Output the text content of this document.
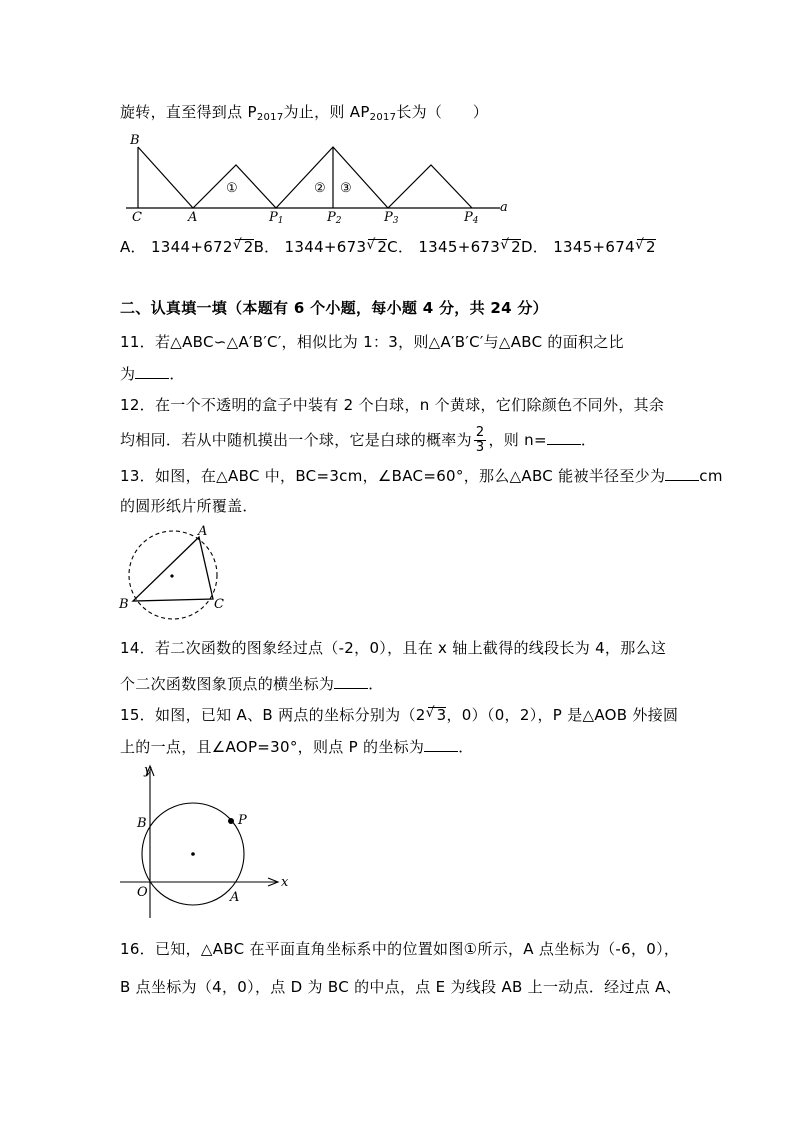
旋转，直至得到点 $P_{2017}$为止，则 $AP_{2017}$长为（　　）
B
C	A	P1	P2	P3	P4
a
①	② ③
A． 1344+672 √ 2B． 1344+673 √ 2C． 1345+673 √ 2D． 1345+674 √ 2
二、认真填一填（本题有 6 个小题，每小题 4 分，共 24 分）
11．若△ABC∽△A′B′C′，相似比为 1：3，则△A′B′C′与△ABC 的面积之比
为 ．
12．在一个不透明的盒子中装有 2 个白球，n 个黄球，它们除颜色不同外，其余
均相同．若从中随机摸出一个球，它是白球的概率为 $\frac{2}{3}$ ，则 n= ．
13．如图，在△ABC 中，BC=3cm，∠BAC=60°，那么△ABC 能被半径至少为 cm
的圆形纸片所覆盖．
A
B	C
14．若二次函数的图象经过点（-2，0），且在 x 轴上截得的线段长为 4，那么这
个二次函数图象顶点的横坐标为 ．
15．如图，已知 A、B 两点的坐标分别为（2 √ 3，0）（0，2），P 是△AOB 外接圆
上的一点，且∠AOP=30°，则点 P 的坐标为 ．
y
x
B	P
O	A
16．已知，△ABC 在平面直角坐标系中的位置如图①所示，A 点坐标为（-6，0），
B 点坐标为（4，0），点 D 为 BC 的中点，点 E 为线段 AB 上一动点．经过点 A、
